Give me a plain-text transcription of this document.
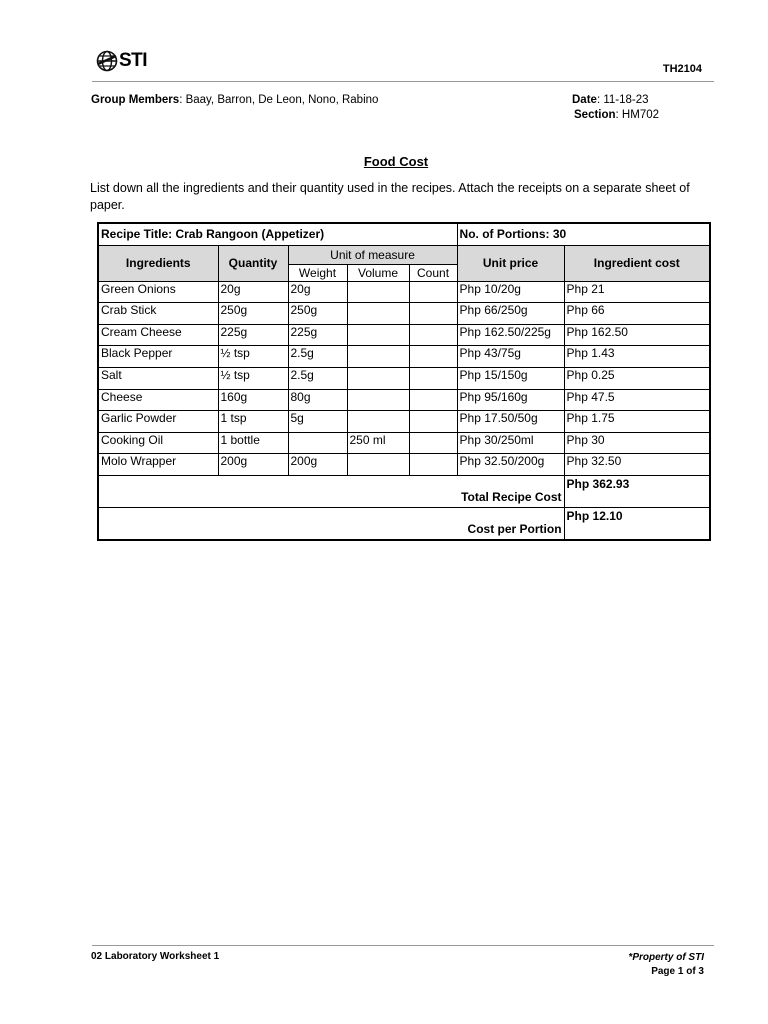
STI	TH2104
Group Members: Baay, Barron, De Leon, Nono, Rabino	Date: 11-18-23
Section: HM702
Food Cost
List down all the ingredients and their quantity used in the recipes. Attach the receipts on a separate sheet of paper.
Recipe Title: Crab Rangoon (Appetizer)					No. of Portions: 30	
Ingredients	Quantity	Unit of measure			Unit price	Ingredient cost
		Weight	Volume	Count		
Green Onions	20g	20g			Php 10/20g	Php 21
Crab Stick	250g	250g			Php 66/250g	Php 66
Cream Cheese	225g	225g			Php 162.50/225g	Php 162.50
Black Pepper	½ tsp	2.5g			Php 43/75g	Php 1.43
Salt	½ tsp	2.5g			Php 15/150g	Php 0.25
Cheese	160g	80g			Php 95/160g	Php 47.5
Garlic Powder	1 tsp	5g			Php 17.50/50g	Php 1.75
Cooking Oil	1 bottle		250 ml		Php 30/250ml	Php 30
Molo Wrapper	200g	200g			Php 32.50/200g	Php 32.50
Total Recipe Cost						Php 362.93
Cost per Portion						Php 12.10
02 Laboratory Worksheet 1	*Property of STI
Page 1 of 3
